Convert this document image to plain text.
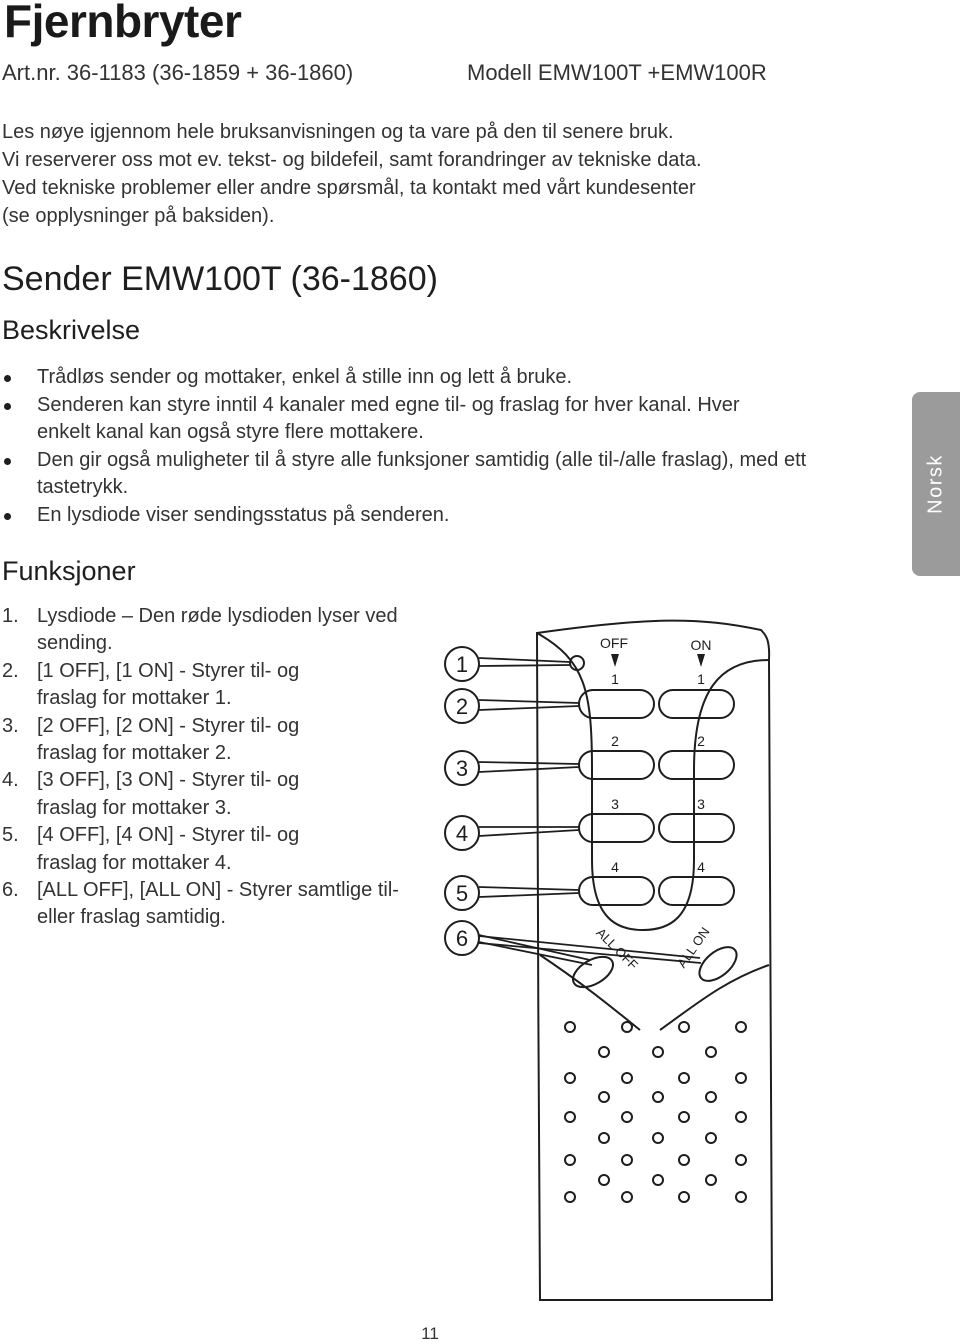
Fjernbryter
Art.nr. 36-1183 (36-1859 + 36-1860)	Modell EMW100T +EMW100R

Les nøye igjennom hele bruksanvisningen og ta vare på den til senere bruk.

Vi reserverer oss mot ev. tekst- og bildefeil, samt forandringer av tekniske data.

Ved tekniske problemer eller andre spørsmål, ta kontakt med vårt kundesenter

(se opplysninger på baksiden).

Sender EMW100T (36-1860)
Beskrivelse
Trådløs sender og mottaker, enkel å stille inn og lett å bruke.
Senderen kan styre inntil 4 kanaler med egne til- og fraslag for hver kanal. Hver enkelt kanal kan også styre flere mottakere.
Den gir også muligheter til å styre alle funksjoner samtidig (alle til-/alle fraslag), med ett tastetrykk.
En lysdiode viser sendingsstatus på senderen.
Funksjoner
1. Lysdiode – Den røde lysdioden lyser ved sending.
2. [1 OFF], [1 ON] - Styrer til- og fraslag for mottaker 1.
3. [2 OFF], [2 ON] - Styrer til- og fraslag for mottaker 2.
4. [3 OFF], [3 ON] - Styrer til- og fraslag for mottaker 3.
5. [4 OFF], [4 ON] - Styrer til- og fraslag for mottaker 4.
6. [ALL OFF], [ALL ON] - Styrer samtlige til- eller fraslag samtidig.
Norsk
OFF	ON
1	1
2	2
3	3
4	4
ALL OFF	ALL ON
1
2
3
4
5
6
11
